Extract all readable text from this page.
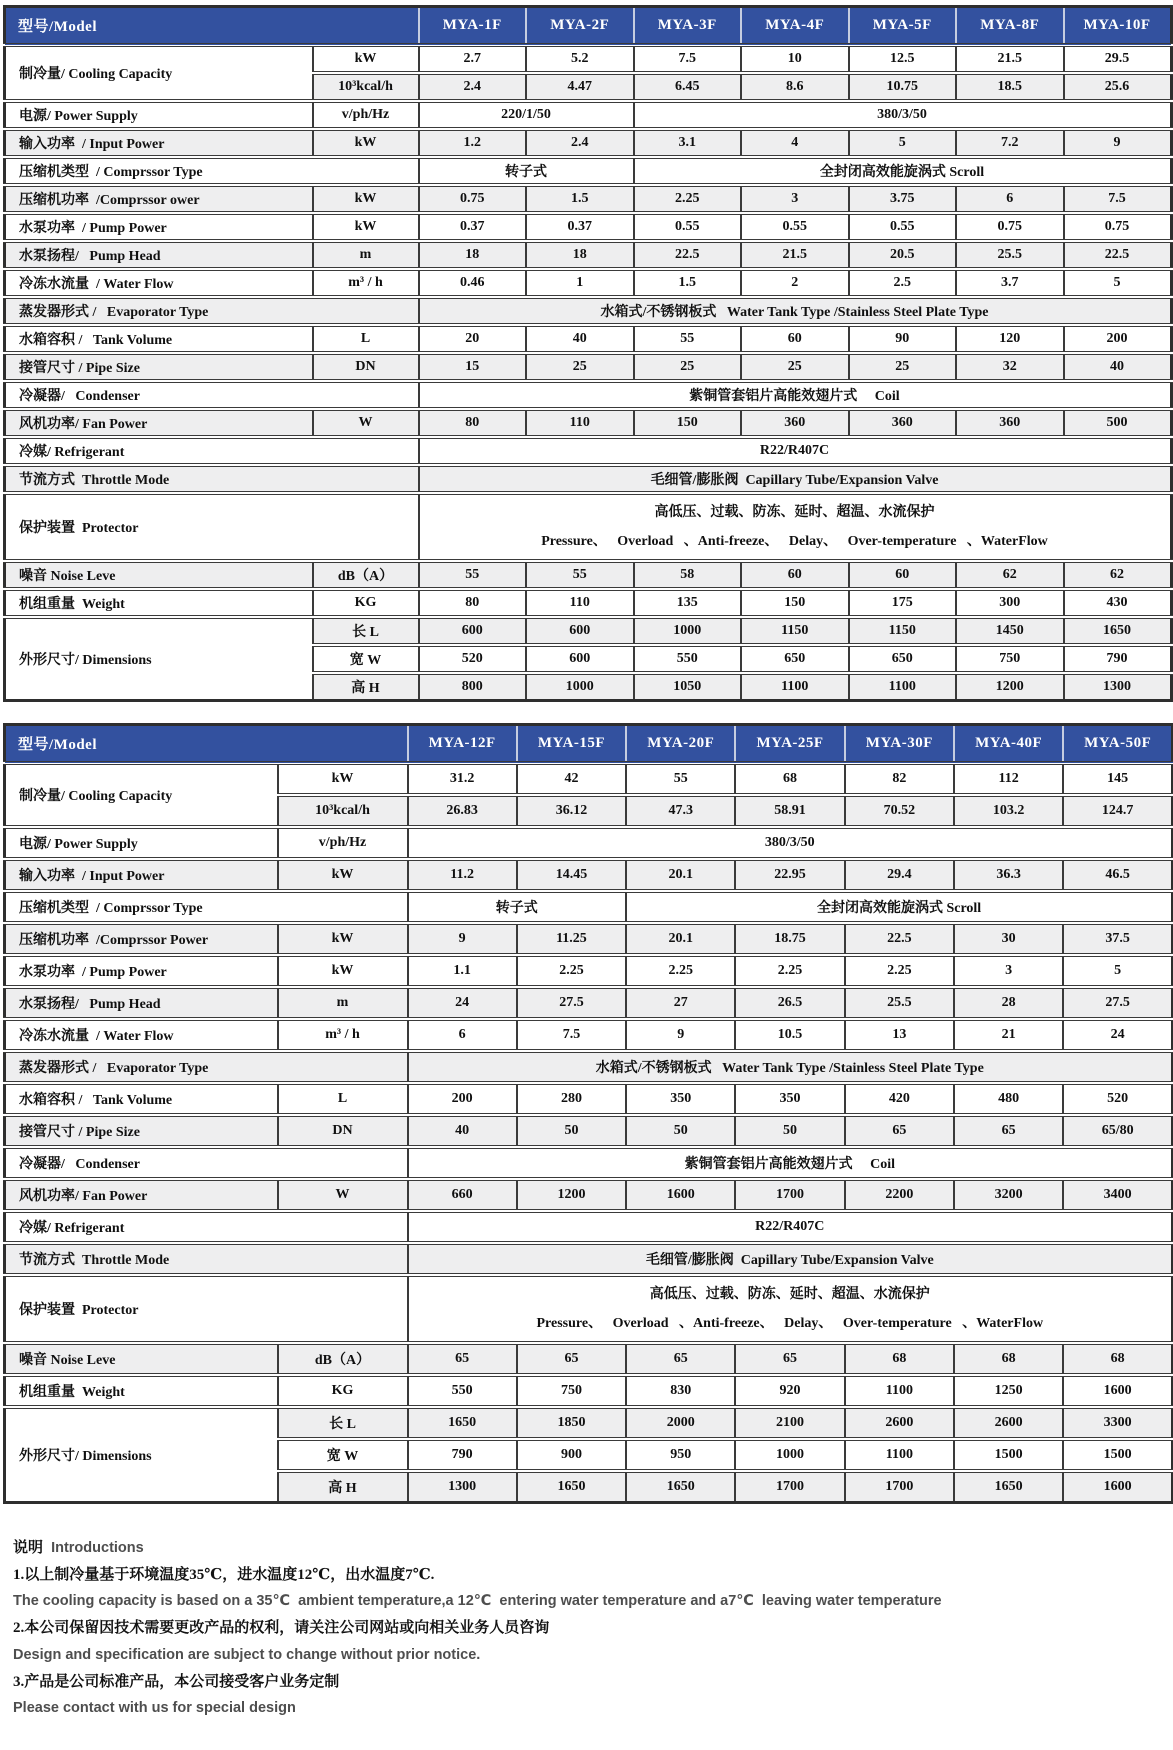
型号/Model		MYA-1F	MYA-2F	MYA-3F	MYA-4F	MYA-5F	MYA-8F	MYA-10F
制冷量/ Cooling Capacity	kW	2.7	5.2	7.5	10	12.5	21.5	29.5
	10³kcal/h	2.4	4.47	6.45	8.6	10.75	18.5	25.6
电源/ Power Supply	v/ph/Hz	220/1/50		380/3/50				
输入功率  / Input Power	kW	1.2	2.4	3.1	4	5	7.2	9
压缩机类型  / Comprssor Type		转子式		全封闭高效能旋涡式 Scroll				
压缩机功率  /Comprssor ower	kW	0.75	1.5	2.25	3	3.75	6	7.5
水泵功率  / Pump Power	kW	0.37	0.37	0.55	0.55	0.55	0.75	0.75
水泵扬程/   Pump Head	m	18	18	22.5	21.5	20.5	25.5	22.5
冷冻水流量  / Water Flow	m³ / h	0.46	1	1.5	2	2.5	3.7	5
蒸发器形式 /   Evaporator Type		水箱式/不锈钢板式   Water Tank Type /Stainless Steel Plate Type						
水箱容积 /   Tank Volume	L	20	40	55	60	90	120	200
接管尺寸 / Pipe Size	DN	15	25	25	25	25	32	40
冷凝器/   Condenser		紫铜管套铝片高能效翅片式     Coil						
风机功率/ Fan Power	W	80	110	150	360	360	360	500
冷媒/ Refrigerant		R22/R407C						
节流方式  Throttle Mode		毛细管/膨胀阀  Capillary Tube/Expansion Valve						
保护装置  Protector		高低压、过载、防冻、延时、超温、水流保护
Pressure、   Overload   、Anti-freeze、   Delay、   Over-temperature   、WaterFlow						

噪音 Noise Leve	dB（A）	55	55	58	60	60	62	62
机组重量  Weight	KG	80	110	135	150	175	300	430
外形尺寸/ Dimensions	长 L	600	600	1000	1150	1150	1450	1650
	宽 W	520	600	550	650	650	750	790
	高 H	800	1000	1050	1100	1100	1200	1300
型号/Model		MYA-12F	MYA-15F	MYA-20F	MYA-25F	MYA-30F	MYA-40F	MYA-50F
制冷量/ Cooling Capacity	kW	31.2	42	55	68	82	112	145
	10³kcal/h	26.83	36.12	47.3	58.91	70.52	103.2	124.7
电源/ Power Supply	v/ph/Hz	380/3/50						
输入功率  / Input Power	kW	11.2	14.45	20.1	22.95	29.4	36.3	46.5
压缩机类型  / Comprssor Type		转子式		全封闭高效能旋涡式 Scroll				
压缩机功率  /Comprssor Power	kW	9	11.25	20.1	18.75	22.5	30	37.5
水泵功率  / Pump Power	kW	1.1	2.25	2.25	2.25	2.25	3	5
水泵扬程/   Pump Head	m	24	27.5	27	26.5	25.5	28	27.5
冷冻水流量  / Water Flow	m³ / h	6	7.5	9	10.5	13	21	24
蒸发器形式 /   Evaporator Type		水箱式/不锈钢板式   Water Tank Type /Stainless Steel Plate Type						
水箱容积 /   Tank Volume	L	200	280	350	350	420	480	520
接管尺寸 / Pipe Size	DN	40	50	50	50	65	65	65/80
冷凝器/   Condenser		紫铜管套铝片高能效翅片式     Coil						
风机功率/ Fan Power	W	660	1200	1600	1700	2200	3200	3400
冷媒/ Refrigerant		R22/R407C						
节流方式  Throttle Mode		毛细管/膨胀阀  Capillary Tube/Expansion Valve						
保护装置  Protector		高低压、过载、防冻、延时、超温、水流保护
Pressure、   Overload   、Anti-freeze、   Delay、   Over-temperature   、WaterFlow						

噪音 Noise Leve	dB（A）	65	65	65	65	68	68	68
机组重量  Weight	KG	550	750	830	920	1100	1250	1600
外形尺寸/ Dimensions	长 L	1650	1850	2000	2100	2600	2600	3300
	宽 W	790	900	950	1000	1100	1500	1500
	高 H	1300	1650	1650	1700	1700	1650	1600
说明 Introductions
1.以上制冷量基于环境温度35℃，进水温度12℃，出水温度7℃.
The cooling capacity is based on a 35℃  ambient temperature,a 12℃  entering water temperature and a7℃  leaving water temperature
2.本公司保留因技术需要更改产品的权利，请关注公司网站或向相关业务人员咨询
Design and specification are subject to change without prior notice.
3.产品是公司标准产品，本公司接受客户业务定制
Please contact with us for special design
